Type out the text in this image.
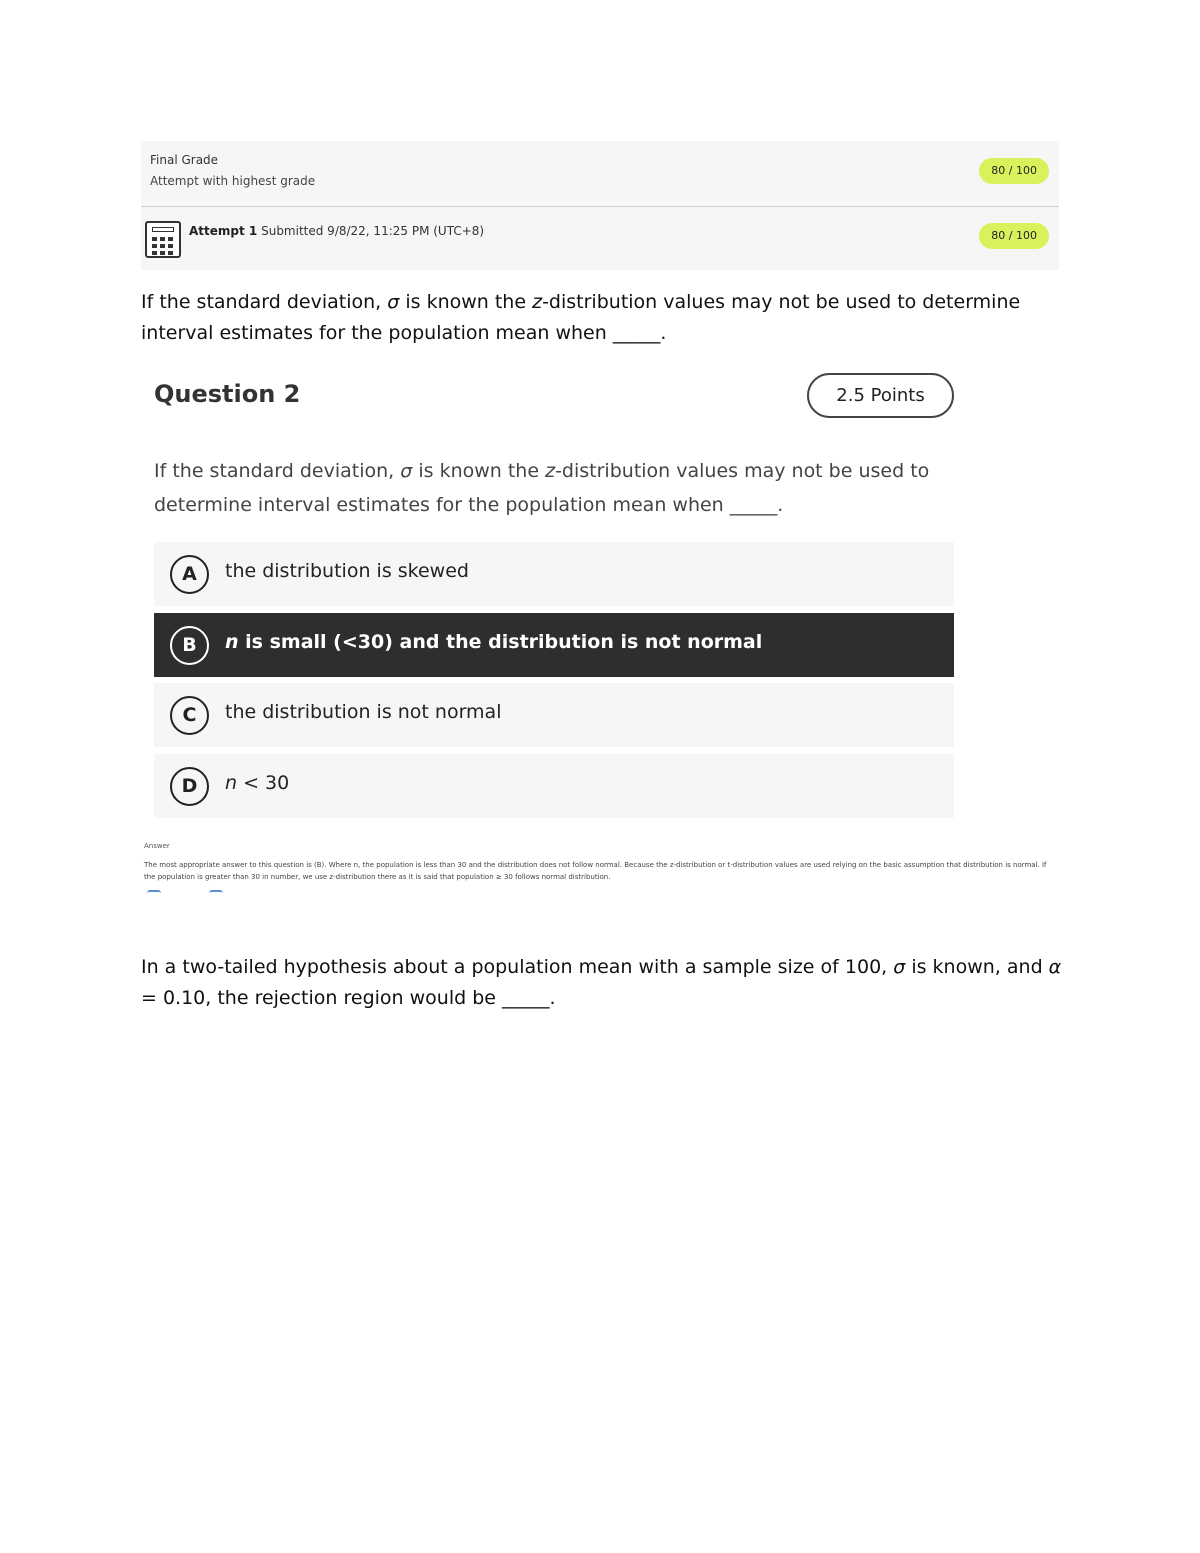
Final Grade
Attempt with highest grade
80 / 100
Attempt 1 Submitted 9/8/22, 11:25 PM (UTC+8)	80 / 100
If the standard deviation, σ is known the z-distribution values may not be used to determine interval estimates for the population mean when _____.
Question 2	2.5 Points
If the standard deviation, σ is known the z-distribution values may not be used to determine interval estimates for the population mean when _____.
A	the distribution is skewed
B	n is small (<30) and the distribution is not normal
C	the distribution is not normal
D	n < 30
Answer
The most appropriate answer to this question is (B). Where n, the population is less than 30 and the distribution does not follow normal. Because the z-distribution or t-distribution values are used relying on the basic assumption that distribution is normal. If the population is greater than 30 in number, we use z-distribution there as it is said that population ≥ 30 follows normal distribution.
In a two-tailed hypothesis about a population mean with a sample size of 100, σ is known, and α = 0.10, the rejection region would be _____.
